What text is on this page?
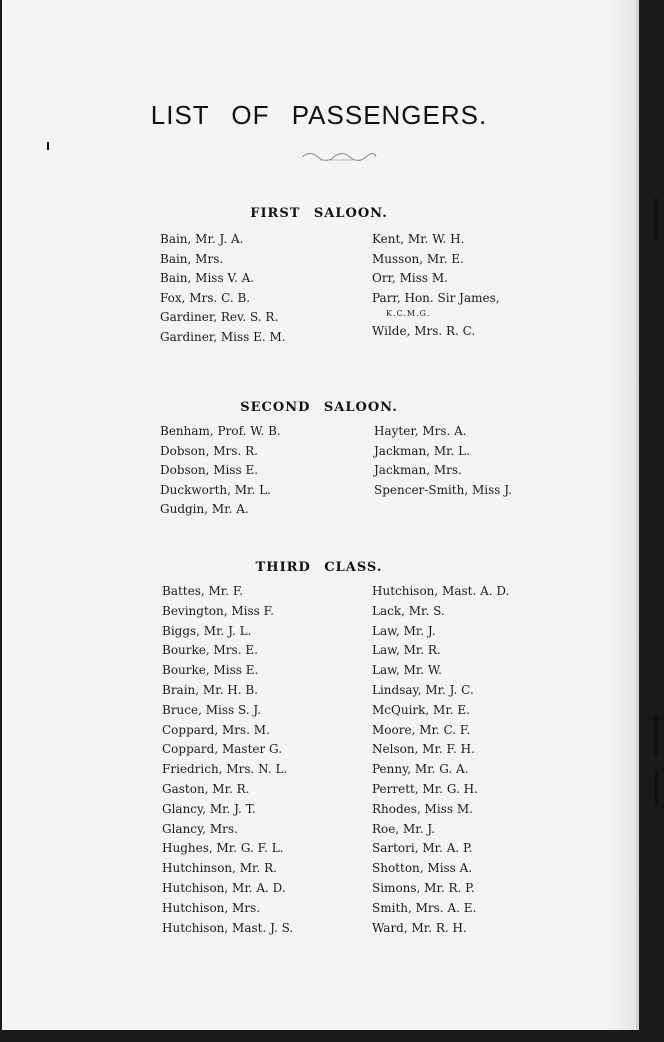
LIST OF PASSENGERS.
FIRST SALOON.
Bain, Mr. J. A.
Bain, Mrs.
Bain, Miss V. A.
Fox, Mrs. C. B.
Gardiner, Rev. S. R.
Gardiner, Miss E. M.
Kent, Mr. W. H.
Musson, Mr. E.
Orr, Miss M.
Parr, Hon. Sir James,
K.C.M.G.
Wilde, Mrs. R. C.
SECOND SALOON.
Benham, Prof. W. B.
Dobson, Mrs. R.
Dobson, Miss E.
Duckworth, Mr. L.
Gudgin, Mr. A.
Hayter, Mrs. A.
Jackman, Mr. L.
Jackman, Mrs.
Spencer-Smith, Miss J.
THIRD CLASS.
Battes, Mr. F.
Bevington, Miss F.
Biggs, Mr. J. L.
Bourke, Mrs. E.
Bourke, Miss E.
Brain, Mr. H. B.
Bruce, Miss S. J.
Coppard, Mrs. M.
Coppard, Master G.
Friedrich, Mrs. N. L.
Gaston, Mr. R.
Glancy, Mr. J. T.
Glancy, Mrs.
Hughes, Mr. G. F. L.
Hutchinson, Mr. R.
Hutchison, Mr. A. D.
Hutchison, Mrs.
Hutchison, Mast. J. S.
Hutchison, Mast. A. D.
Lack, Mr. S.
Law, Mr. J.
Law, Mr. R.
Law, Mr. W.
Lindsay, Mr. J. C.
McQuirk, Mr. E.
Moore, Mr. C. F.
Nelson, Mr. F. H.
Penny, Mr. G. A.
Perrett, Mr. G. H.
Rhodes, Miss M.
Roe, Mr. J.
Sartori, Mr. A. P.
Shotton, Miss A.
Simons, Mr. R. P.
Smith, Mrs. A. E.
Ward, Mr. R. H.
